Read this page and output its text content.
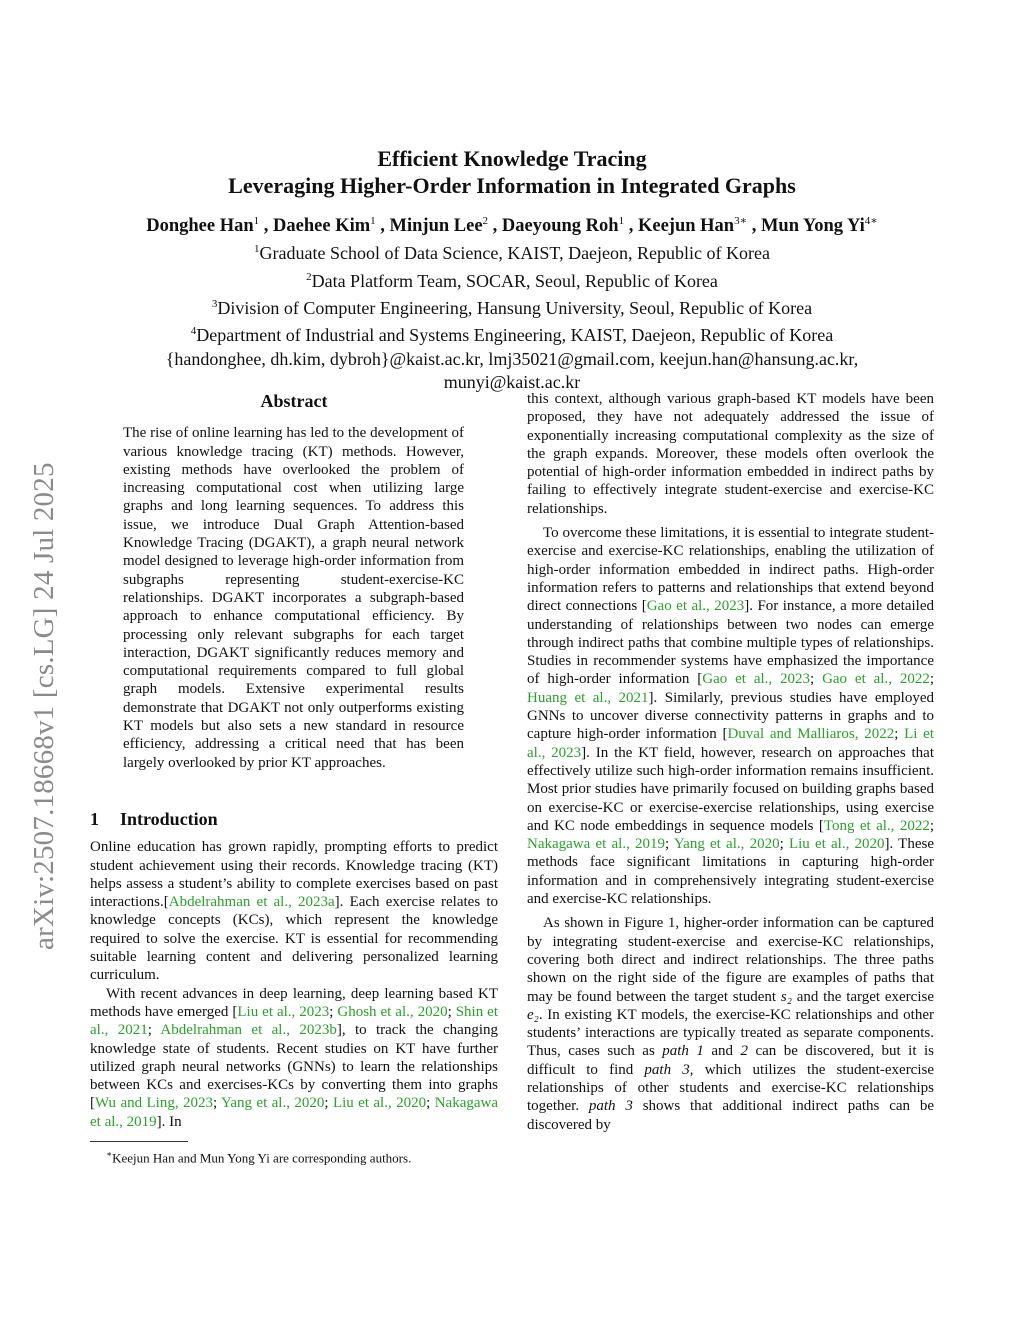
arXiv:2507.18668v1 [cs.LG] 24 Jul 2025
Efficient Knowledge Tracing
Leveraging Higher-Order Information in Integrated Graphs
Donghee Han$^1$ , Daehee Kim$^1$ , Minjun Lee$^2$ , Daeyoung Roh$^1$ , Keejun Han$^{3∗}$ , Mun Yong $Yi^{4∗}$
$^1$Graduate School of Data Science, KAIST, Daejeon, Republic of Korea
$^2$Data Platform Team, SOCAR, Seoul, Republic of Korea
$^3$Division of Computer Engineering, Hansung University, Seoul, Republic of Korea
$^4$Department of Industrial and Systems Engineering, KAIST, Daejeon, Republic of Korea
{handonghee, dh.kim, dybroh}@kaist.ac.kr, lmj35021@gmail.com, keejun.han@hansung.ac.kr,
munyi@kaist.ac.kr
Abstract

The rise of online learning has led to the development of various knowledge tracing (KT) methods. However, existing methods have overlooked the problem of increasing computational cost when utilizing large graphs and long learning sequences. To address this issue, we introduce Dual Graph Attention-based Knowledge Tracing (DGAKT), a graph neural network model designed to leverage high-order information from subgraphs representing student-exercise-KC relationships. DGAKT incorporates a subgraph-based approach to enhance computational efficiency. By processing only relevant subgraphs for each target interaction, DGAKT significantly reduces memory and computational requirements compared to full global graph models. Extensive experimental results demonstrate that DGAKT not only outperforms existing KT models but also sets a new standard in resource efficiency, addressing a critical need that has been largely overlooked by prior KT approaches.

1 Introduction

Online education has grown rapidly, prompting efforts to predict student achievement using their records. Knowledge tracing (KT) helps assess a student’s ability to complete exercises based on past interactions.[Abdelrahman et al., 2023a]. Each exercise relates to knowledge concepts (KCs), which represent the knowledge required to solve the exercise. KT is essential for recommending suitable learning content and delivering personalized learning curriculum.

With recent advances in deep learning, deep learning based KT methods have emerged [Liu et al., 2023; Ghosh et al., 2020; Shin et al., 2021; Abdelrahman et al., 2023b], to track the changing knowledge state of students. Recent studies on KT have further utilized graph neural networks (GNNs) to learn the relationships between KCs and exercises-KCs by converting them into graphs [Wu and Ling, 2023; Yang et al., 2020; Liu et al., 2020; Nakagawa et al., 2019]. In

∗Keejun Han and Mun Yong Yi are corresponding authors.

this context, although various graph-based KT models have been proposed, they have not adequately addressed the issue of exponentially increasing computational complexity as the size of the graph expands. Moreover, these models often overlook the potential of high-order information embedded in indirect paths by failing to effectively integrate student-exercise and exercise-KC relationships.

To overcome these limitations, it is essential to integrate student-exercise and exercise-KC relationships, enabling the utilization of high-order information embedded in indirect paths. High-order information refers to patterns and relationships that extend beyond direct connections [Gao et al., 2023]. For instance, a more detailed understanding of relationships between two nodes can emerge through indirect paths that combine multiple types of relationships. Studies in recommender systems have emphasized the importance of high-order information [Gao et al., 2023; Gao et al., 2022; Huang et al., 2021]. Similarly, previous studies have employed GNNs to uncover diverse connectivity patterns in graphs and to capture high-order information [Duval and Malliaros, 2022; Li et al., 2023]. In the KT field, however, research on approaches that effectively utilize such high-order information remains insufficient. Most prior studies have primarily focused on building graphs based on exercise-KC or exercise-exercise relationships, using exercise and KC node embeddings in sequence models [Tong et al., 2022; Nakagawa et al., 2019; Yang et al., 2020; Liu et al., 2020]. These methods face significant limitations in capturing high-order information and in comprehensively integrating student-exercise and exercise-KC relationships.

As shown in Figure 1, higher-order information can be captured by integrating student-exercise and exercise-KC relationships, covering both direct and indirect relationships. The three paths shown on the right side of the figure are examples of paths that may be found between the target student s₂ and the target exercise e₂. In existing KT models, the exercise-KC relationships and other students’ interactions are typically treated as separate components. Thus, cases such as path 1 and 2 can be discovered, but it is difficult to find path 3, which utilizes the student-exercise relationships of other students and exercise-KC relationships together. path 3 shows that additional indirect paths can be discovered by
